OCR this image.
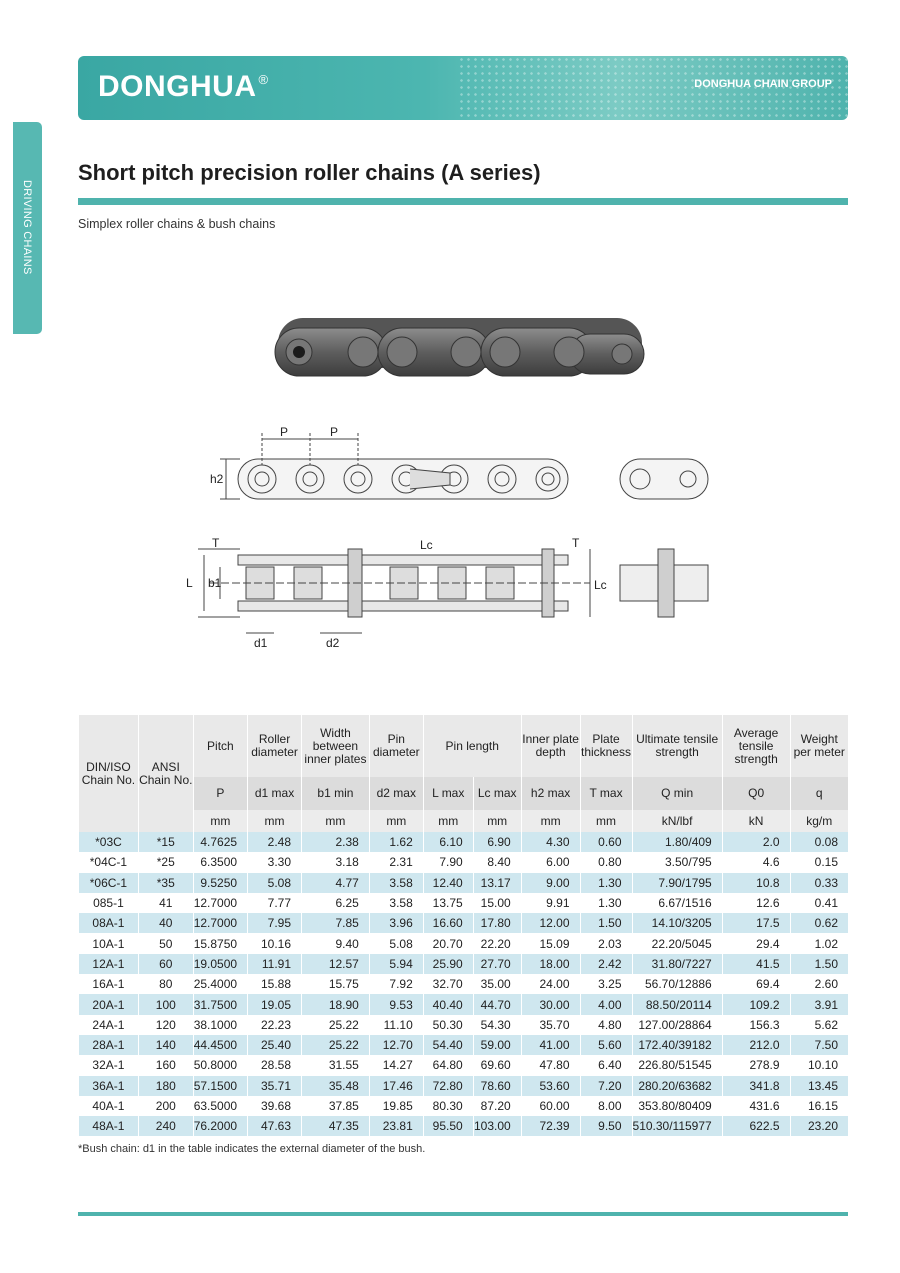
DONGHUA ®	DONGHUA CHAIN GROUP
DRIVING CHAINS
Short pitch precision roller chains (A series)
Simplex roller chains & bush chains
P	P
h2
T	Lc
L b1
d1	d2
T
Lc
DIN/ISO Chain No.	ANSI Chain No.	Pitch	Roller diameter	Width between inner plates	Pin diameter	Pin length		Inner plate depth	Plate thickness	Ultimate tensile strength	Average tensile strength	Weight per meter
		P	d1 max	b1 min	d2 max	L max	Lc max	h2 max	T max	Q min	Q0	q
		mm	mm	mm	mm	mm	mm	mm	mm	kN/lbf	kN	kg/m
*03C	*15	4.7625	2.48	2.38	1.62	6.10	6.90	4.30	0.60	1.80/409	2.0	0.08
*04C-1	*25	6.3500	3.30	3.18	2.31	7.90	8.40	6.00	0.80	3.50/795	4.6	0.15
*06C-1	*35	9.5250	5.08	4.77	3.58	12.40	13.17	9.00	1.30	7.90/1795	10.8	0.33
085-1	41	12.7000	7.77	6.25	3.58	13.75	15.00	9.91	1.30	6.67/1516	12.6	0.41
08A-1	40	12.7000	7.95	7.85	3.96	16.60	17.80	12.00	1.50	14.10/3205	17.5	0.62
10A-1	50	15.8750	10.16	9.40	5.08	20.70	22.20	15.09	2.03	22.20/5045	29.4	1.02
12A-1	60	19.0500	11.91	12.57	5.94	25.90	27.70	18.00	2.42	31.80/7227	41.5	1.50
16A-1	80	25.4000	15.88	15.75	7.92	32.70	35.00	24.00	3.25	56.70/12886	69.4	2.60
20A-1	100	31.7500	19.05	18.90	9.53	40.40	44.70	30.00	4.00	88.50/20114	109.2	3.91
24A-1	120	38.1000	22.23	25.22	11.10	50.30	54.30	35.70	4.80	127.00/28864	156.3	5.62
28A-1	140	44.4500	25.40	25.22	12.70	54.40	59.00	41.00	5.60	172.40/39182	212.0	7.50
32A-1	160	50.8000	28.58	31.55	14.27	64.80	69.60	47.80	6.40	226.80/51545	278.9	10.10
36A-1	180	57.1500	35.71	35.48	17.46	72.80	78.60	53.60	7.20	280.20/63682	341.8	13.45
40A-1	200	63.5000	39.68	37.85	19.85	80.30	87.20	60.00	8.00	353.80/80409	431.6	16.15
48A-1	240	76.2000	47.63	47.35	23.81	95.50	103.00	72.39	9.50	510.30/115977	622.5	23.20
*Bush chain: d1 in the table indicates the external diameter of the bush.
